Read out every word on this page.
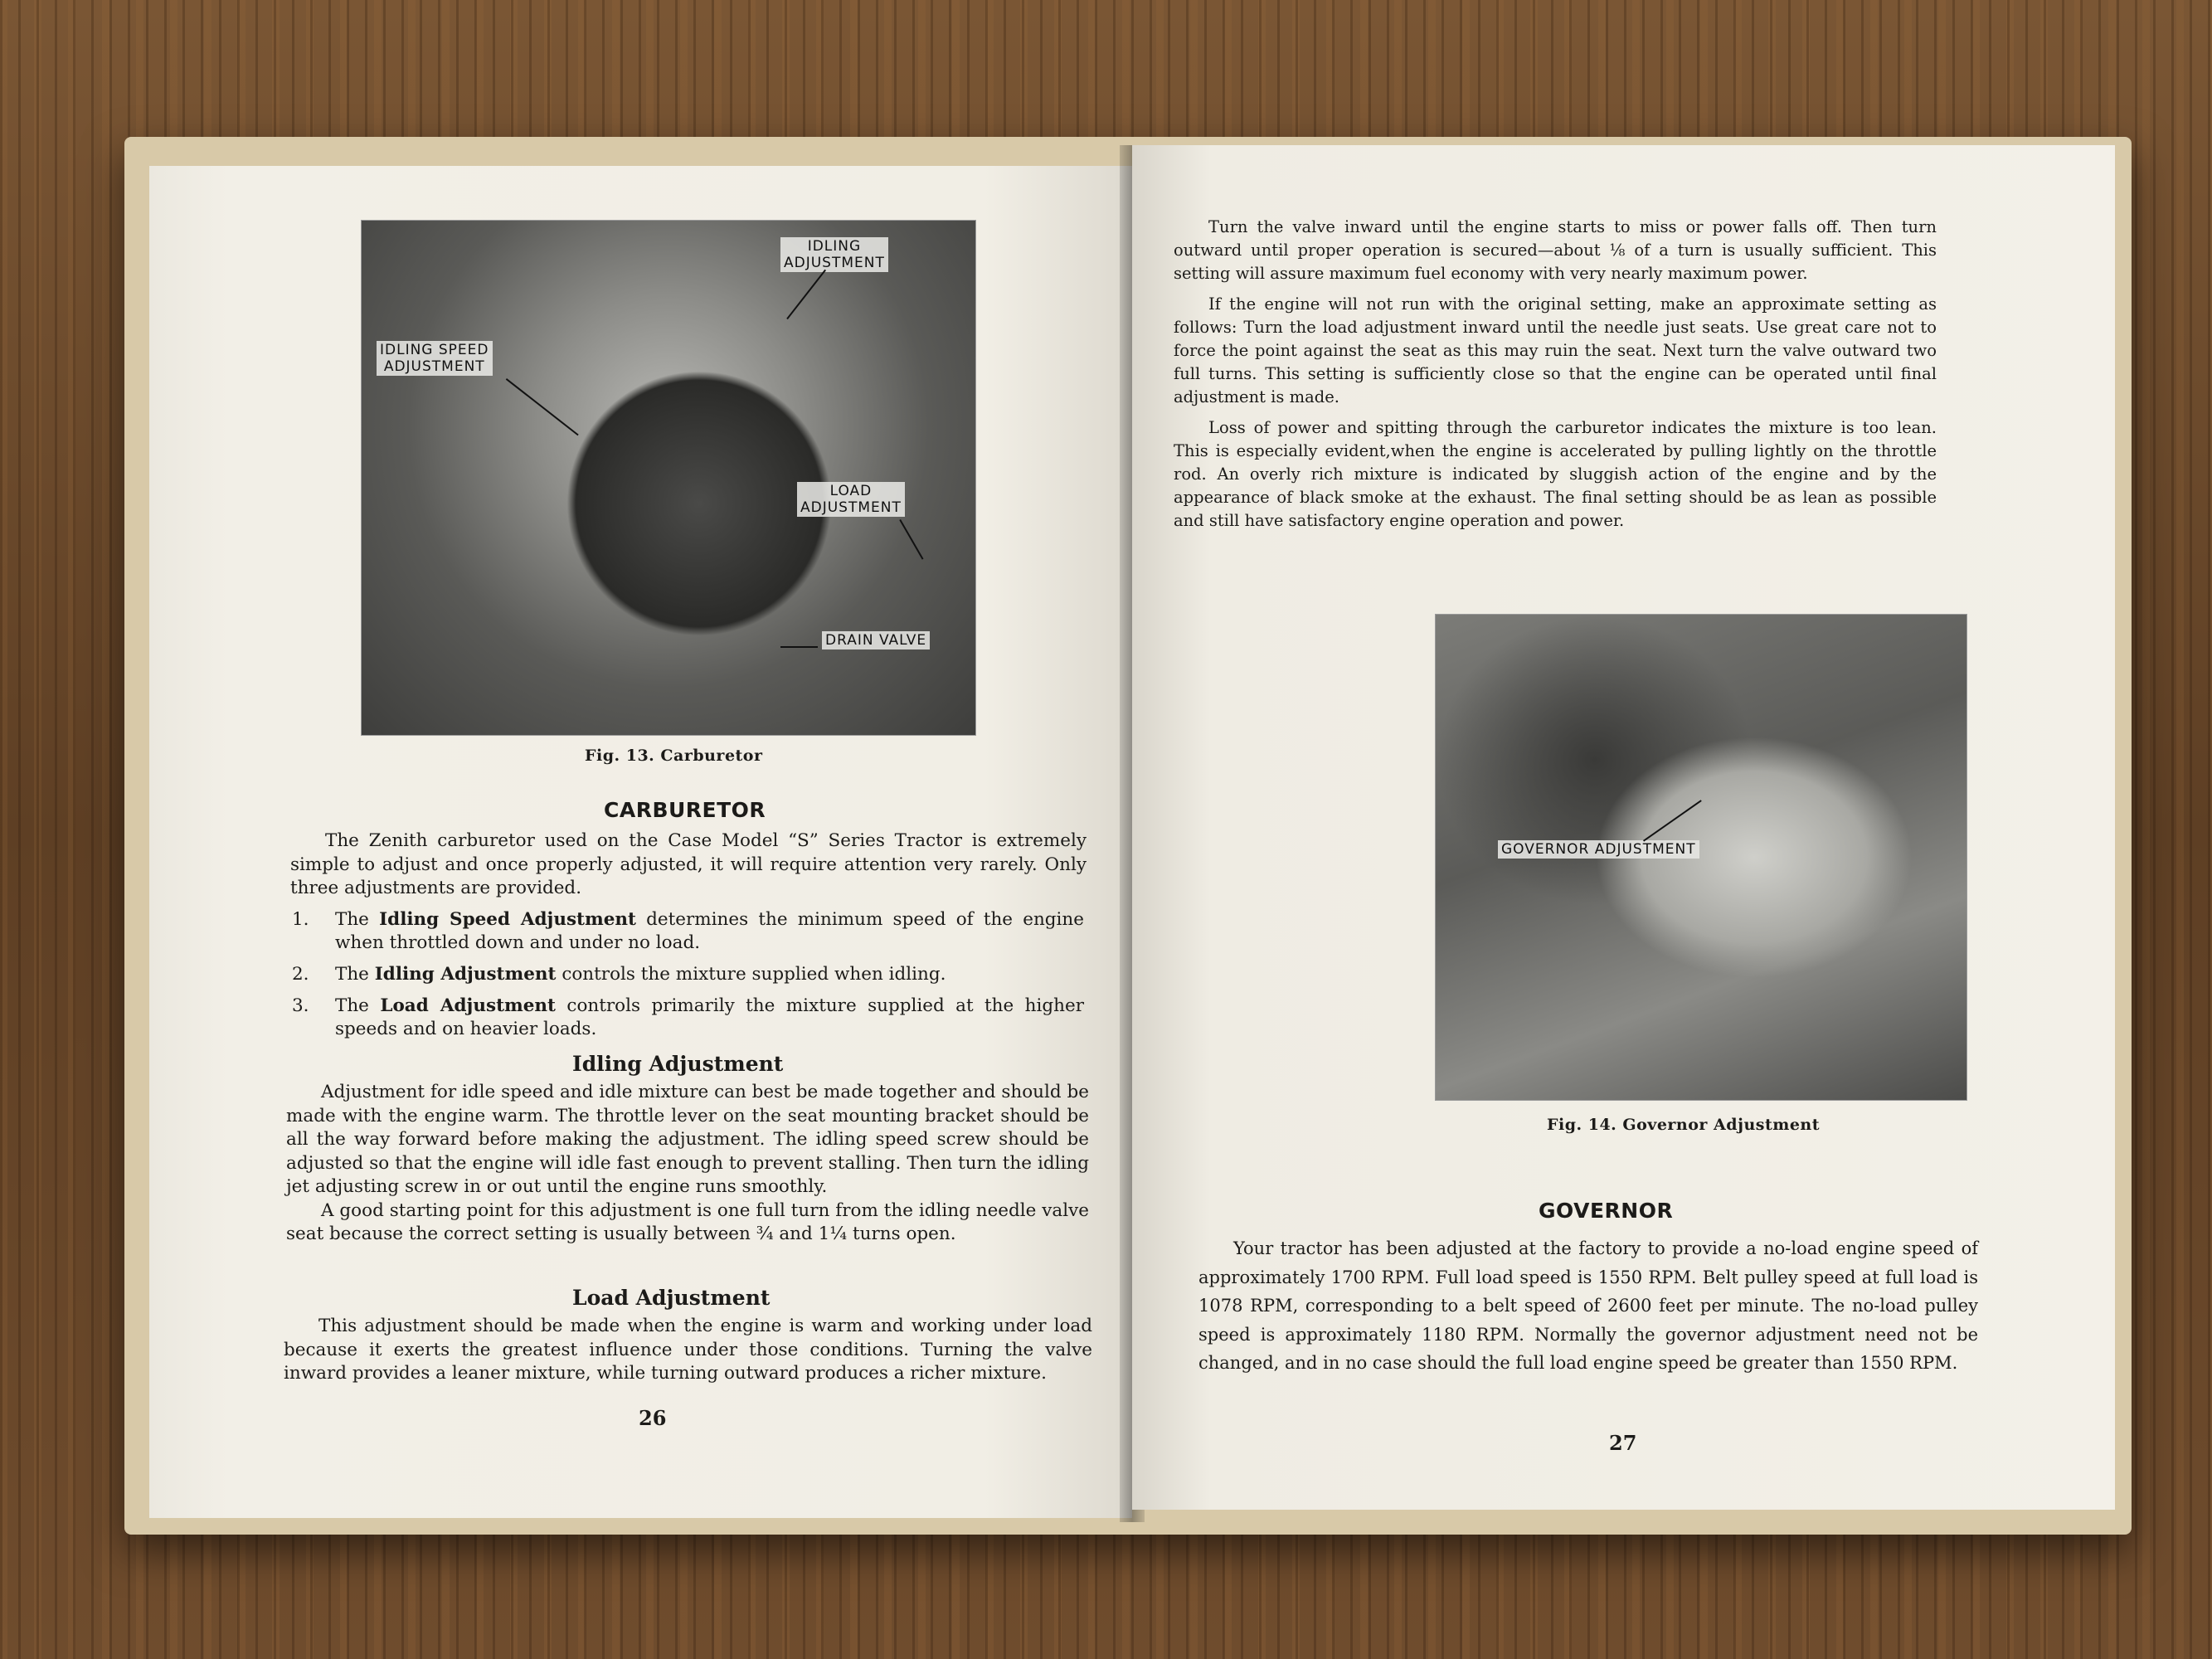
IDLING
ADJUSTMENT
IDLING SPEED
ADJUSTMENT
LOAD
ADJUSTMENT
DRAIN VALVE
Fig. 13. Carburetor
CARBURETOR

The Zenith carburetor used on the Case Model “S” Series Tractor is extremely simple to adjust and once properly adjusted, it will require attention very rarely. Only three adjustments are provided.

1. The Idling Speed Adjustment determines the minimum speed of the engine when throttled down and under no load.
2. The Idling Adjustment controls the mixture supplied when idling.
3. The Load Adjustment controls primarily the mixture supplied at the higher speeds and on heavier loads.
Idling Adjustment

Adjustment for idle speed and idle mixture can best be made together and should be made with the engine warm. The throttle lever on the seat mounting bracket should be all the way forward before making the adjustment. The idling speed screw should be adjusted so that the engine will idle fast enough to prevent stalling. Then turn the idling jet adjusting screw in or out until the engine runs smoothly.

A good starting point for this adjustment is one full turn from the idling needle valve seat because the correct setting is usually between ¾ and 1¼ turns open.

Load Adjustment

This adjustment should be made when the engine is warm and working under load because it exerts the greatest influence under those conditions. Turning the valve inward provides a leaner mixture, while turning outward produces a richer mixture.

26

Turn the valve inward until the engine starts to miss or power falls off. Then turn outward until proper operation is secured—about ⅛ of a turn is usually sufficient. This setting will assure maximum fuel economy with very nearly maximum power.

If the engine will not run with the original setting, make an approximate setting as follows: Turn the load adjustment inward until the needle just seats. Use great care not to force the point against the seat as this may ruin the seat. Next turn the valve outward two full turns. This setting is sufficiently close so that the engine can be operated until final adjustment is made.

Loss of power and spitting through the carburetor indicates the mixture is too lean. This is especially evident,when the engine is accelerated by pulling lightly on the throttle rod. An overly rich mixture is indicated by sluggish action of the engine and by the appearance of black smoke at the exhaust. The final setting should be as lean as possible and still have satisfactory engine operation and power.

GOVERNOR ADJUSTMENT
Fig. 14. Governor Adjustment
GOVERNOR

Your tractor has been adjusted at the factory to provide a no-load engine speed of approximately 1700 RPM. Full load speed is 1550 RPM. Belt pulley speed at full load is 1078 RPM, corresponding to a belt speed of 2600 feet per minute. The no-load pulley speed is approximately 1180 RPM. Normally the governor adjustment need not be changed, and in no case should the full load engine speed be greater than 1550 RPM.

27
